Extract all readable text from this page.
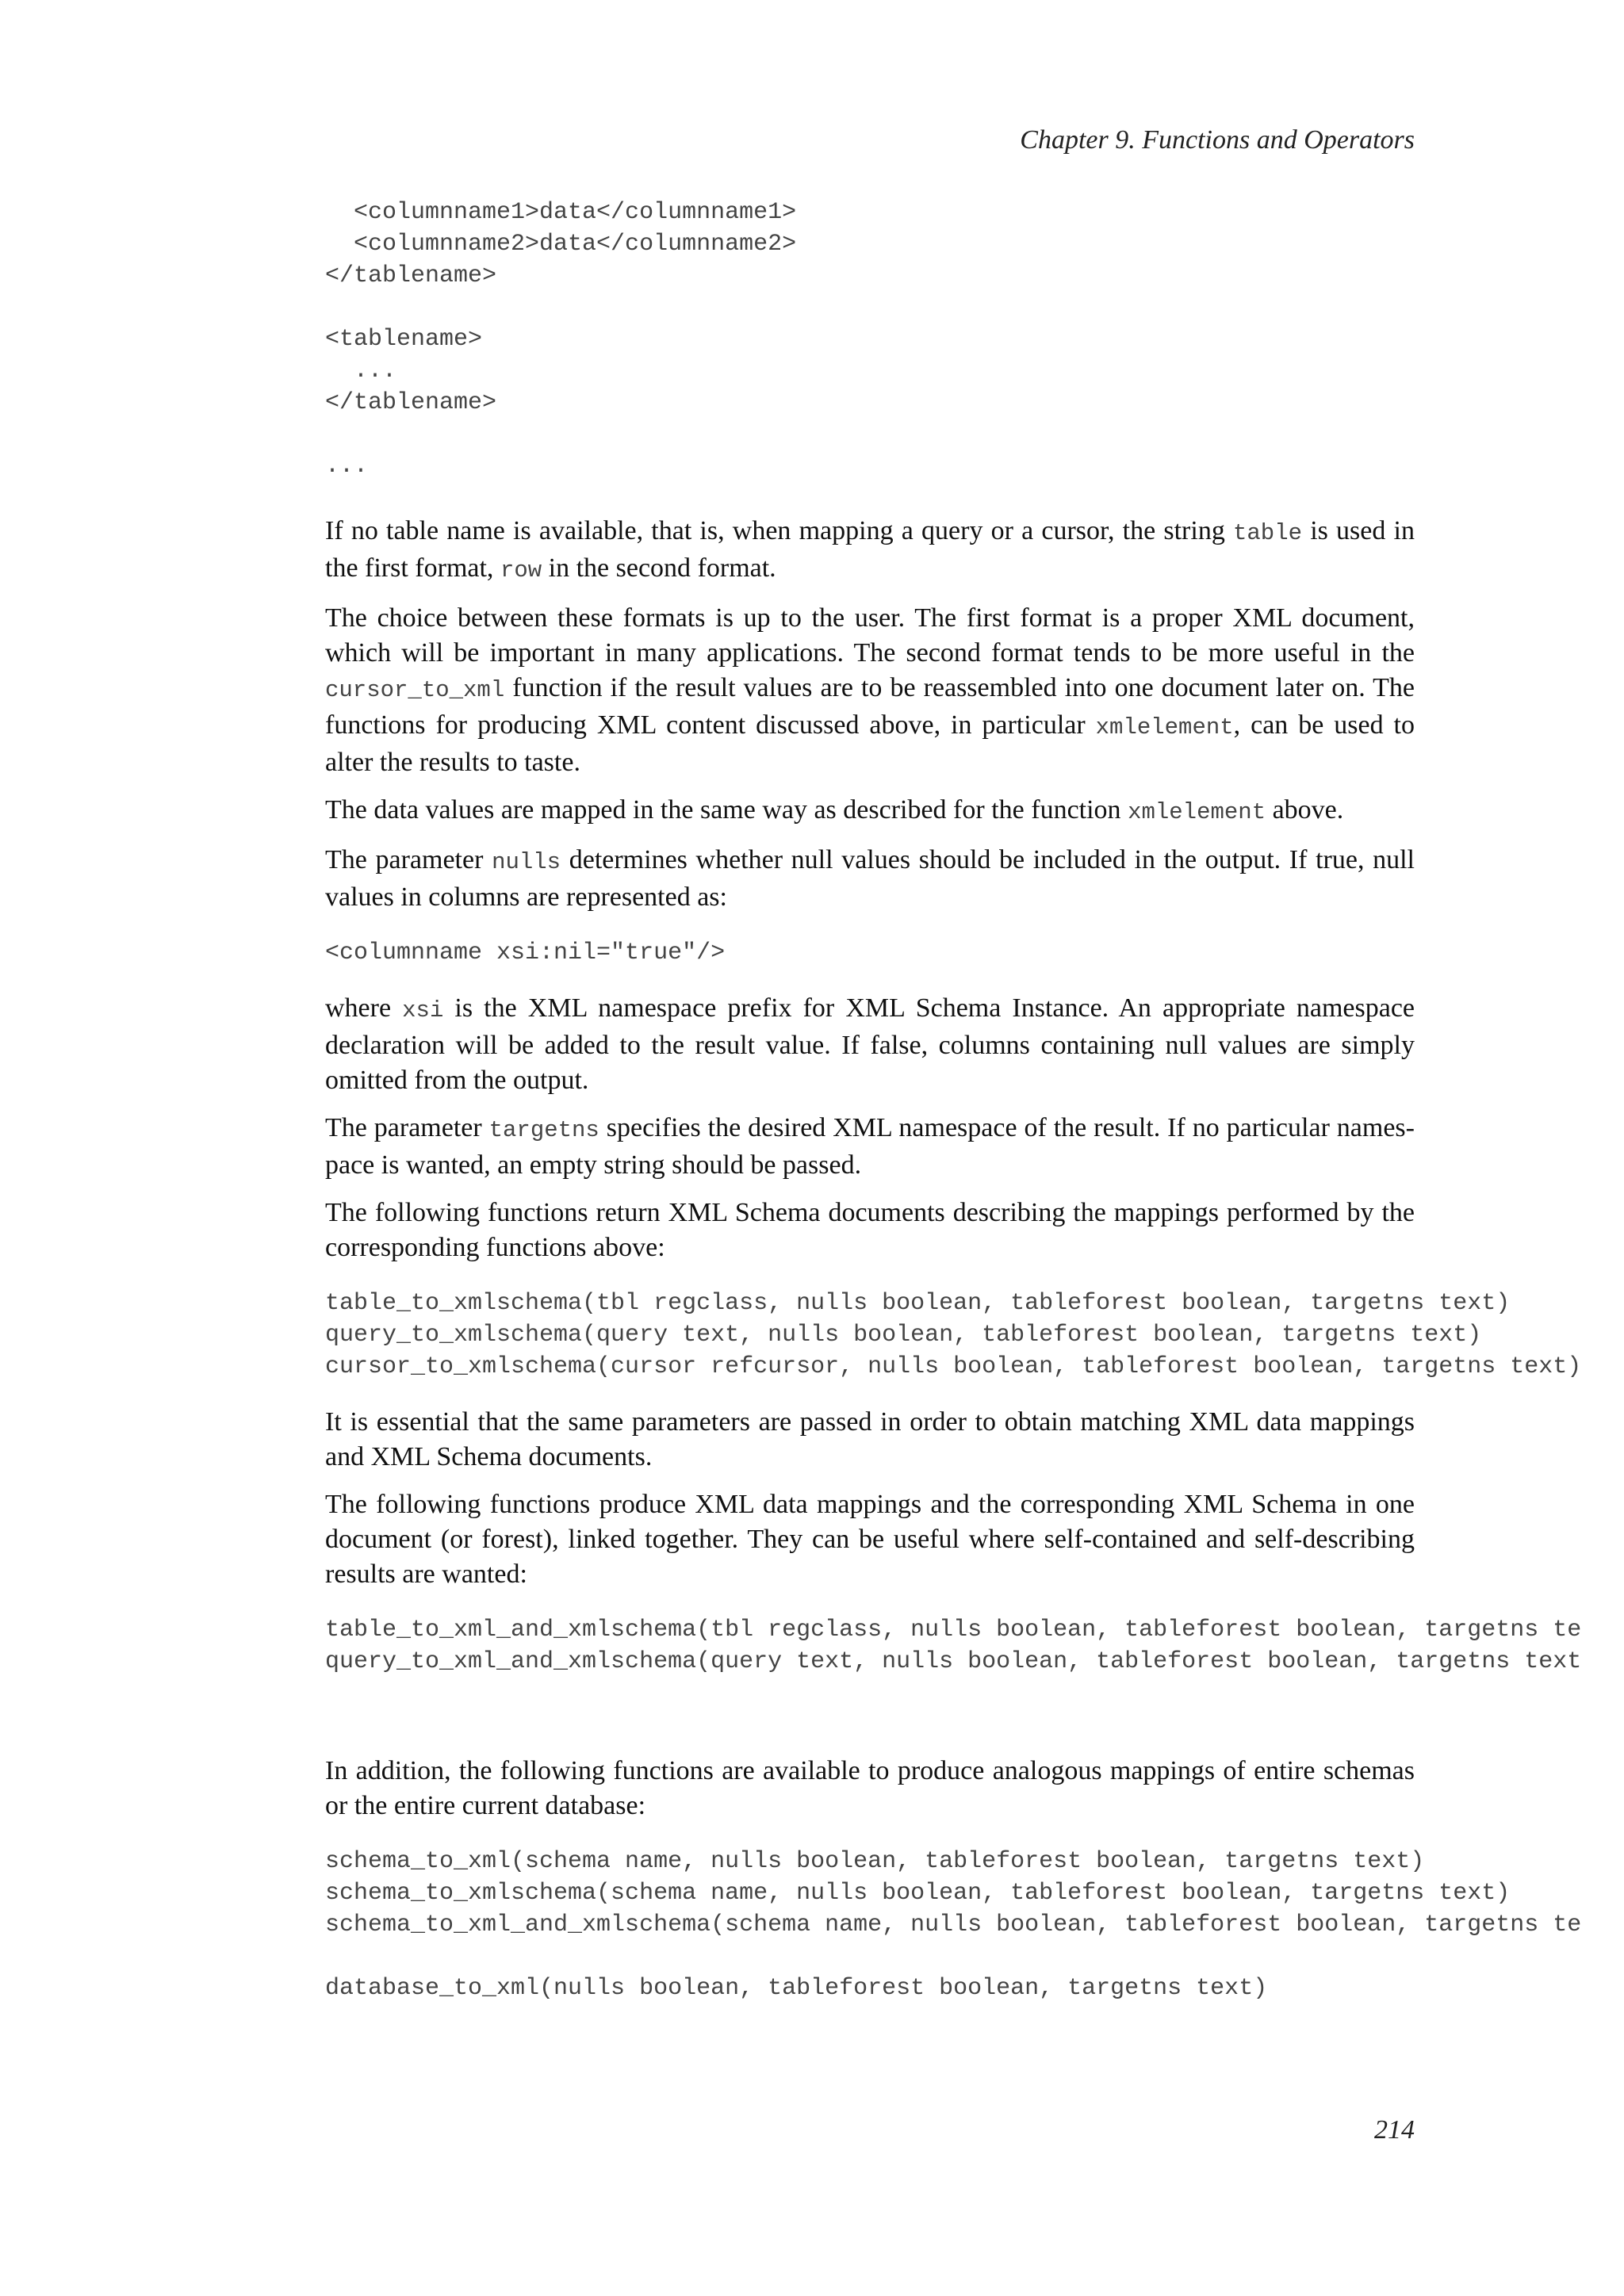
Chapter 9. Functions and Operators
<columnname1>data</columnname1>
<columnname2>data</columnname2>
</tablename>

<tablename>
...
</tablename>

...

If no table name is available, that is, when mapping a query or a cursor, the string table is used in the first format, row in the second format.

The choice between these formats is up to the user. The first format is a proper XML document, which will be important in many applications. The second format tends to be more useful in the cursor_to_xml function if the result values are to be reassembled into one document later on. The functions for producing XML content discussed above, in particular xmlelement, can be used to alter the results to taste.

The data values are mapped in the same way as described for the function xmlelement above.

The parameter nulls determines whether null values should be included in the output. If true, null values in columns are represented as:

<columnname xsi:nil="true"/>

where xsi is the XML namespace prefix for XML Schema Instance. An appropriate namespace declaration will be added to the result value. If false, columns containing null values are simply omitted from the output.

The parameter targetns specifies the desired XML namespace of the result. If no particular names-pace is wanted, an empty string should be passed.

The following functions return XML Schema documents describing the mappings performed by the corresponding functions above:

table_to_xmlschema(tbl regclass, nulls boolean, tableforest boolean, targetns text)
query_to_xmlschema(query text, nulls boolean, tableforest boolean, targetns text)
cursor_to_xmlschema(cursor refcursor, nulls boolean, tableforest boolean, targetns text)

It is essential that the same parameters are passed in order to obtain matching XML data mappings and XML Schema documents.

The following functions produce XML data mappings and the corresponding XML Schema in one document (or forest), linked together. They can be useful where self-contained and self-describing results are wanted:

table_to_xml_and_xmlschema(tbl regclass, nulls boolean, tableforest boolean, targetns te
query_to_xml_and_xmlschema(query text, nulls boolean, tableforest boolean, targetns text

In addition, the following functions are available to produce analogous mappings of entire schemas or the entire current database:

schema_to_xml(schema name, nulls boolean, tableforest boolean, targetns text)
schema_to_xmlschema(schema name, nulls boolean, tableforest boolean, targetns text)
schema_to_xml_and_xmlschema(schema name, nulls boolean, tableforest boolean, targetns te

database_to_xml(nulls boolean, tableforest boolean, targetns text)
214
